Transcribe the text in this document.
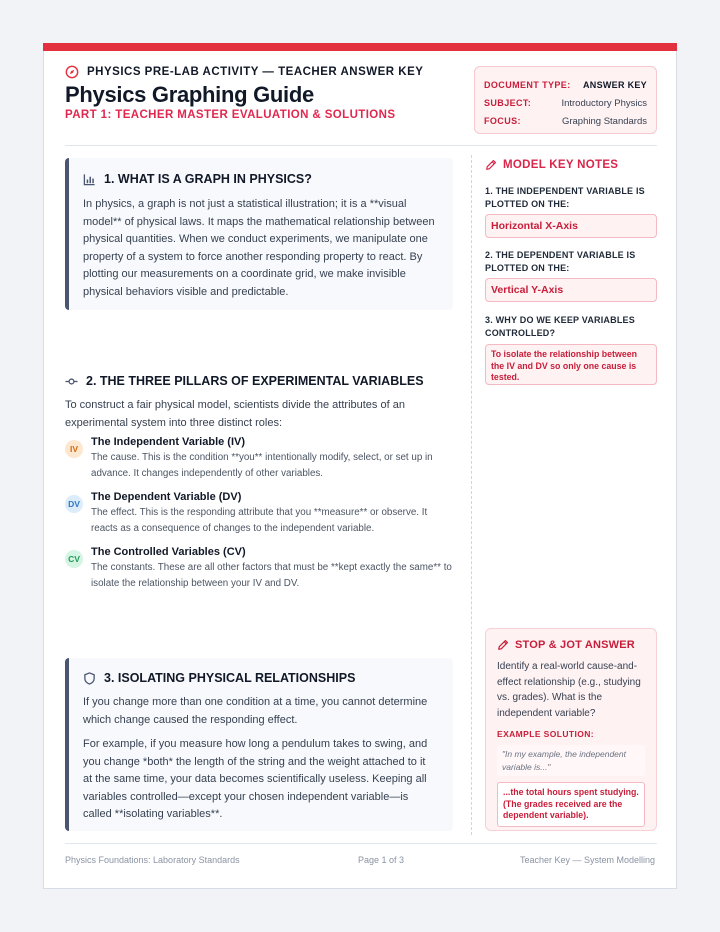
PHYSICS PRE-LAB ACTIVITY — TEACHER ANSWER KEY
Physics Graphing Guide
PART 1: TEACHER MASTER EVALUATION & SOLUTIONS
DOCUMENT TYPE: ANSWER KEY
SUBJECT:	Introductory Physics
FOCUS:	Graphing Standards
1. WHAT IS A GRAPH IN PHYSICS?

In physics, a graph is not just a statistical illustration; it is a **visual model** of physical laws. It maps the mathematical relationship between physical quantities. When we conduct experiments, we manipulate one property of a system to force another responding property to react. By plotting our measurements on a coordinate grid, we make invisible physical behaviors visible and predictable.

2. THE THREE PILLARS OF EXPERIMENTAL VARIABLES

To construct a fair physical model, scientists divide the attributes of an experimental system into three distinct roles:

IV
The Independent Variable (IV)
The cause. This is the condition **you** intentionally modify, select, or set up in advance. It changes independently of other variables.
DV
The Dependent Variable (DV)
The effect. This is the responding attribute that you **measure** or observe. It reacts as a consequence of changes to the independent variable.
CV
The Controlled Variables (CV)
The constants. These are all other factors that must be **kept exactly the same** to isolate the relationship between your IV and DV.
3. ISOLATING PHYSICAL RELATIONSHIPS

If you change more than one condition at a time, you cannot determine which change caused the responding effect.

For example, if you measure how long a pendulum takes to swing, and you change *both* the length of the string and the weight attached to it at the same time, your data becomes scientifically useless. Keeping all variables controlled—except your chosen independent variable—is called **isolating variables**.

MODEL KEY NOTES
1. THE INDEPENDENT VARIABLE IS PLOTTED ON THE:
Horizontal X-Axis
2. THE DEPENDENT VARIABLE IS PLOTTED ON THE:
Vertical Y-Axis
3. WHY DO WE KEEP VARIABLES CONTROLLED?
To isolate the relationship between the IV and DV so only one cause is tested.
STOP & JOT ANSWER

Identify a real-world cause-and-effect relationship (e.g., studying vs. grades). What is the independent variable?

EXAMPLE SOLUTION:
"In my example, the independent variable is..."
...the total hours spent studying. (The grades received are the dependent variable).
Physics Foundations: Laboratory Standards	Page 1 of 3	Teacher Key — System Modelling
